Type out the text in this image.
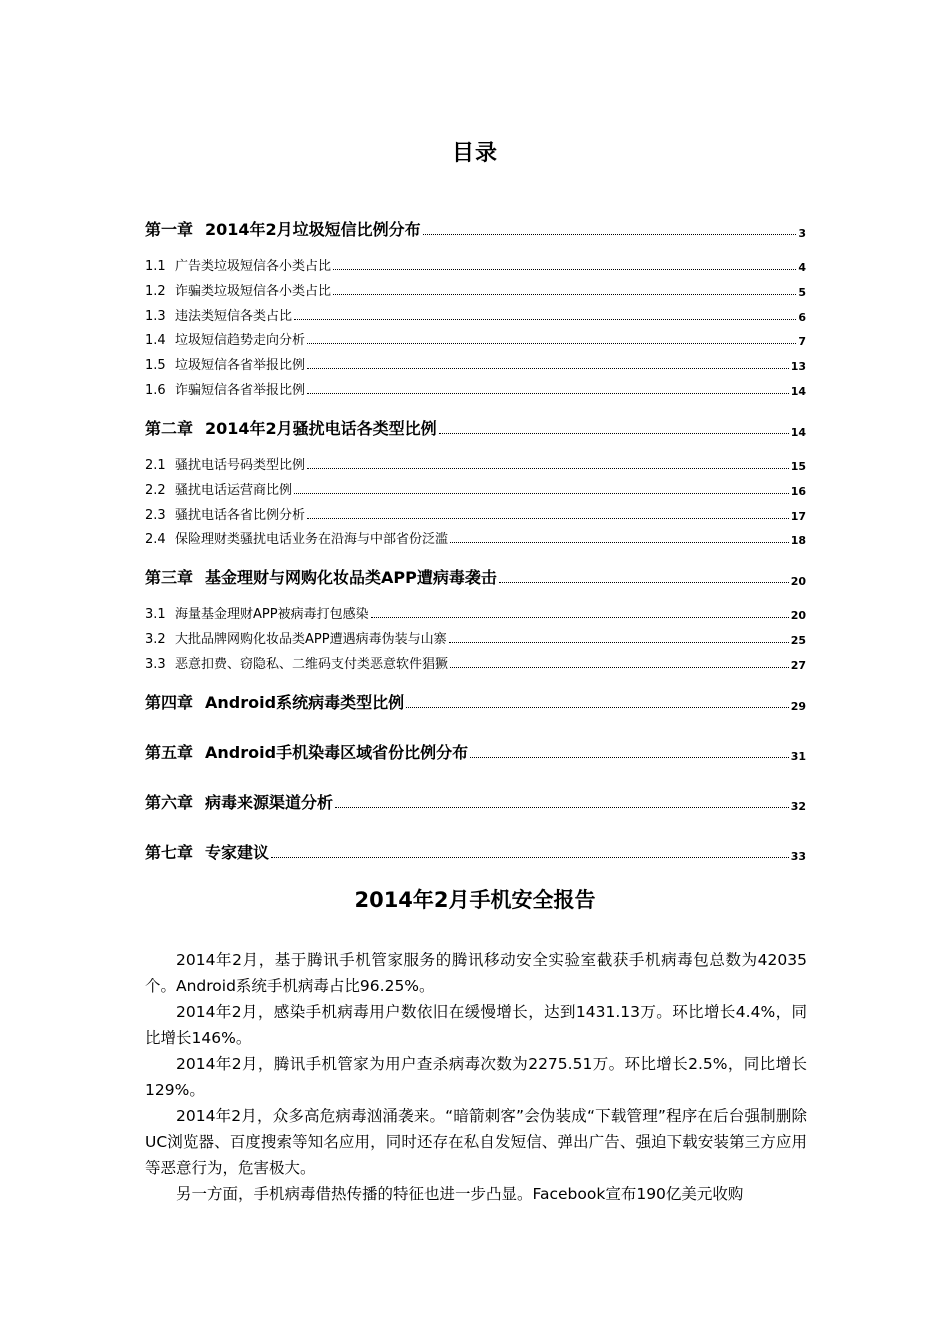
目录
第一章 2014年2月垃圾短信比例分布	3
1.1 广告类垃圾短信各小类占比	4
1.2 诈骗类垃圾短信各小类占比	5
1.3 违法类短信各类占比	6
1.4 垃圾短信趋势走向分析	7
1.5 垃圾短信各省举报比例	13
1.6 诈骗短信各省举报比例	14
第二章 2014年2月骚扰电话各类型比例	14
2.1 骚扰电话号码类型比例	15
2.2 骚扰电话运营商比例	16
2.3 骚扰电话各省比例分析	17
2.4 保险理财类骚扰电话业务在沿海与中部省份泛滥	18
第三章 基金理财与网购化妆品类APP遭病毒袭击	20
3.1 海量基金理财APP被病毒打包感染	20
3.2 大批品牌网购化妆品类APP遭遇病毒伪装与山寨	25
3.3 恶意扣费、窃隐私、二维码支付类恶意软件猖獗	27
第四章 Android系统病毒类型比例	29
第五章 Android手机染毒区域省份比例分布	31
第六章 病毒来源渠道分析	32
第七章 专家建议	33
2014年2月手机安全报告

2014年2月，基于腾讯手机管家服务的腾讯移动安全实验室截获手机病毒包总数为42035个。Android系统手机病毒占比96.25%。

2014年2月，感染手机病毒用户数依旧在缓慢增长，达到1431.13万。环比增长4.4%，同比增长146%。

2014年2月，腾讯手机管家为用户查杀病毒次数为2275.51万。环比增长2.5%，同比增长129%。

2014年2月，众多高危病毒汹涌袭来。“暗箭刺客”会伪装成“下载管理”程序在后台强制删除UC浏览器、百度搜索等知名应用，同时还存在私自发短信、弹出广告、强迫下载安装第三方应用等恶意行为，危害极大。

另一方面，手机病毒借热传播的特征也进一步凸显。Facebook宣布190亿美元收购
